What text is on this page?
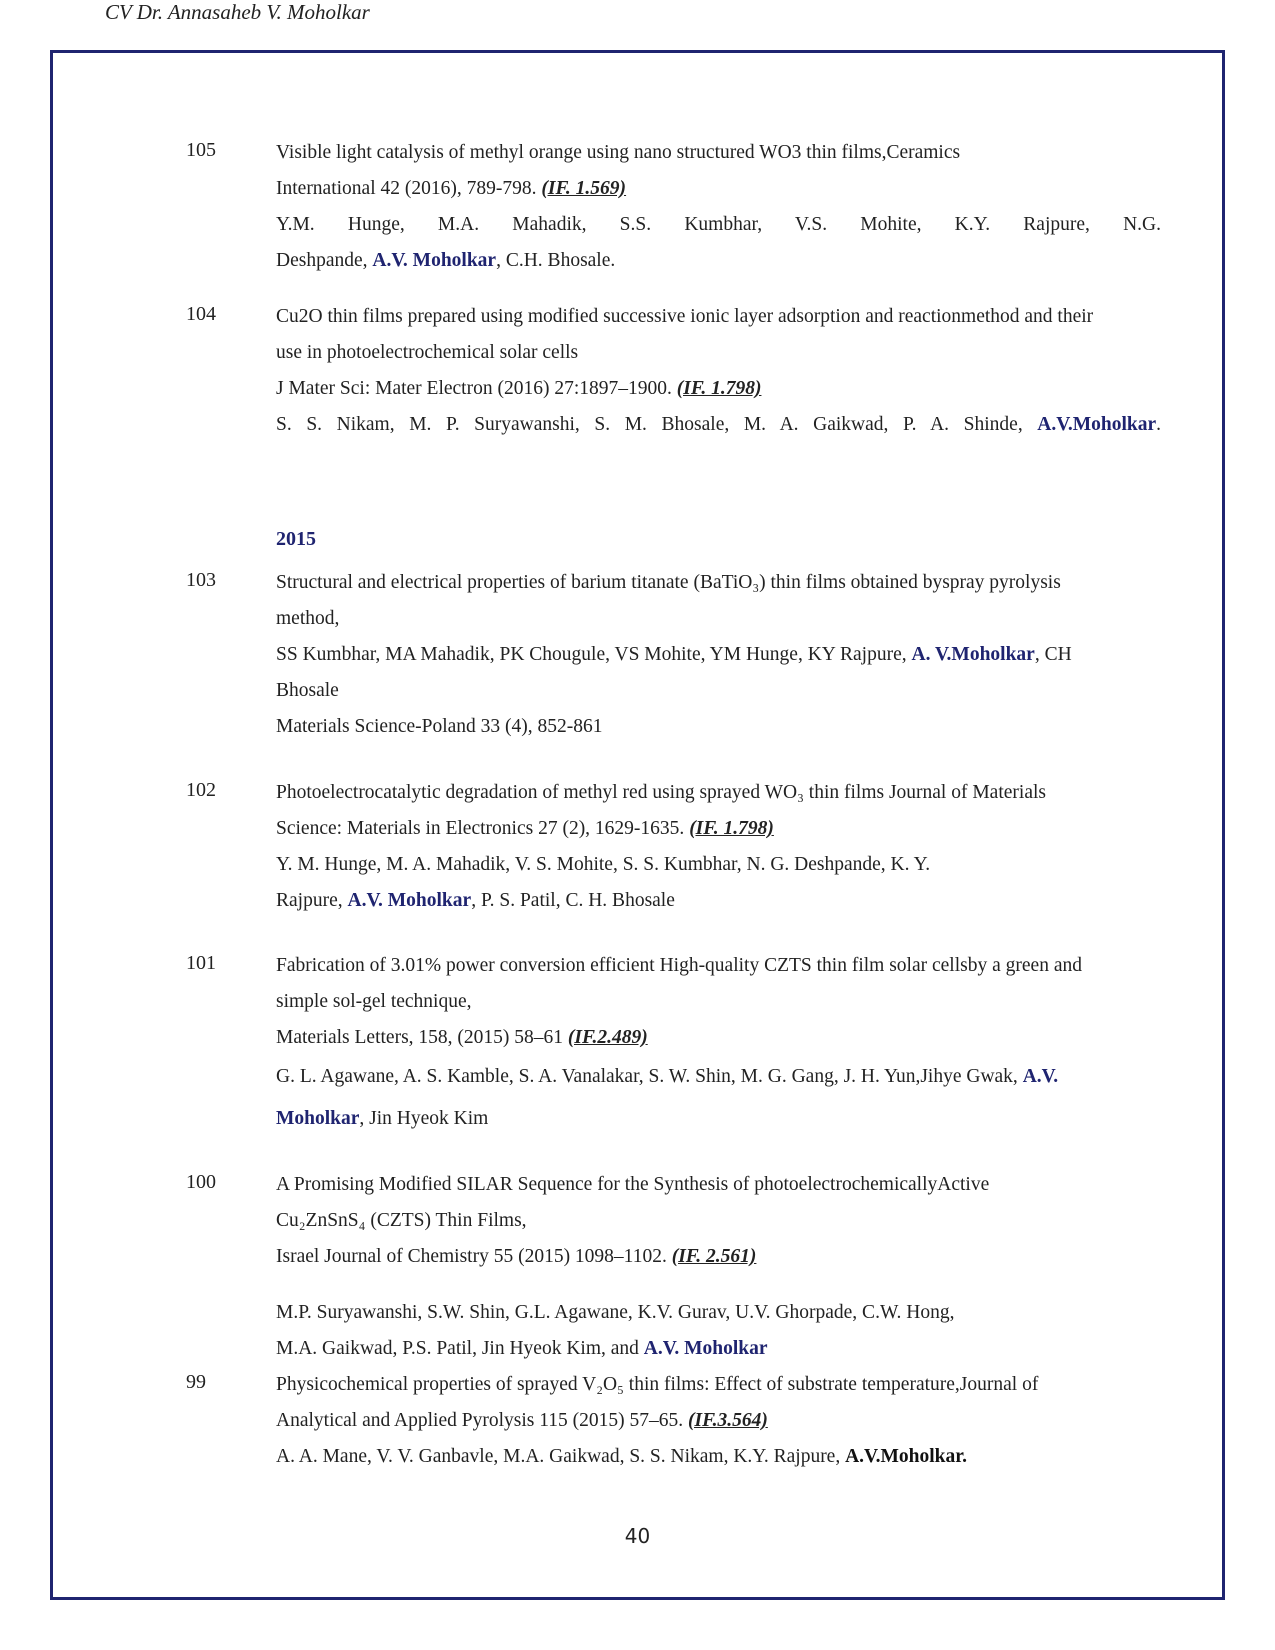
CV Dr. Annasaheb V. Moholkar
105	Visible light catalysis of methyl orange using nano structured WO3 thin films,Ceramics
International 42 (2016), 789-798. (IF. 1.569)
Y.M. Hunge, M.A. Mahadik, S.S. Kumbhar, V.S. Mohite, K.Y. Rajpure, N.G.
Deshpande, A.V. Moholkar, C.H. Bhosale.
104	Cu2O thin films prepared using modified successive ionic layer adsorption and reactionmethod and their
use in photoelectrochemical solar cells
J Mater Sci: Mater Electron (2016) 27:1897–1900. (IF. 1.798)
S. S. Nikam, M. P. Suryawanshi, S. M. Bhosale, M. A. Gaikwad, P. A. Shinde, A.V.Moholkar.
2015
103	Structural and electrical properties of barium titanate (BaTiO₃) thin films obtained byspray pyrolysis
method,
SS Kumbhar, MA Mahadik, PK Chougule, VS Mohite, YM Hunge, KY Rajpure, A. V.Moholkar, CH
Bhosale
Materials Science-Poland 33 (4), 852-861
102	Photoelectrocatalytic degradation of methyl red using sprayed WO₃ thin films Journal of Materials
Science: Materials in Electronics 27 (2), 1629-1635. (IF. 1.798)
Y. M. Hunge, M. A. Mahadik, V. S. Mohite, S. S. Kumbhar, N. G. Deshpande, K. Y.
Rajpure, A.V. Moholkar, P. S. Patil, C. H. Bhosale
101	Fabrication of 3.01% power conversion efficient High-quality CZTS thin film solar cellsby a green and
simple sol-gel technique,
Materials Letters, 158, (2015) 58–61 (IF.2.489)
G. L. Agawane, A. S. Kamble, S. A. Vanalakar, S. W. Shin, M. G. Gang, J. H. Yun,Jihye Gwak, A.V.
Moholkar, Jin Hyeok Kim
100	A Promising Modified SILAR Sequence for the Synthesis of photoelectrochemicallyActive
Cu₂ZnSnS₄ (CZTS) Thin Films,
Israel Journal of Chemistry 55 (2015) 1098–1102. (IF. 2.561)
M.P. Suryawanshi, S.W. Shin, G.L. Agawane, K.V. Gurav, U.V. Ghorpade, C.W. Hong,
M.A. Gaikwad, P.S. Patil, Jin Hyeok Kim, and A.V. Moholkar
99	Physicochemical properties of sprayed V₂O₅ thin films: Effect of substrate temperature,Journal of
Analytical and Applied Pyrolysis 115 (2015) 57–65. (IF.3.564)
A. A. Mane, V. V. Ganbavle, M.A. Gaikwad, S. S. Nikam, K.Y. Rajpure, A.V.Moholkar.
40
